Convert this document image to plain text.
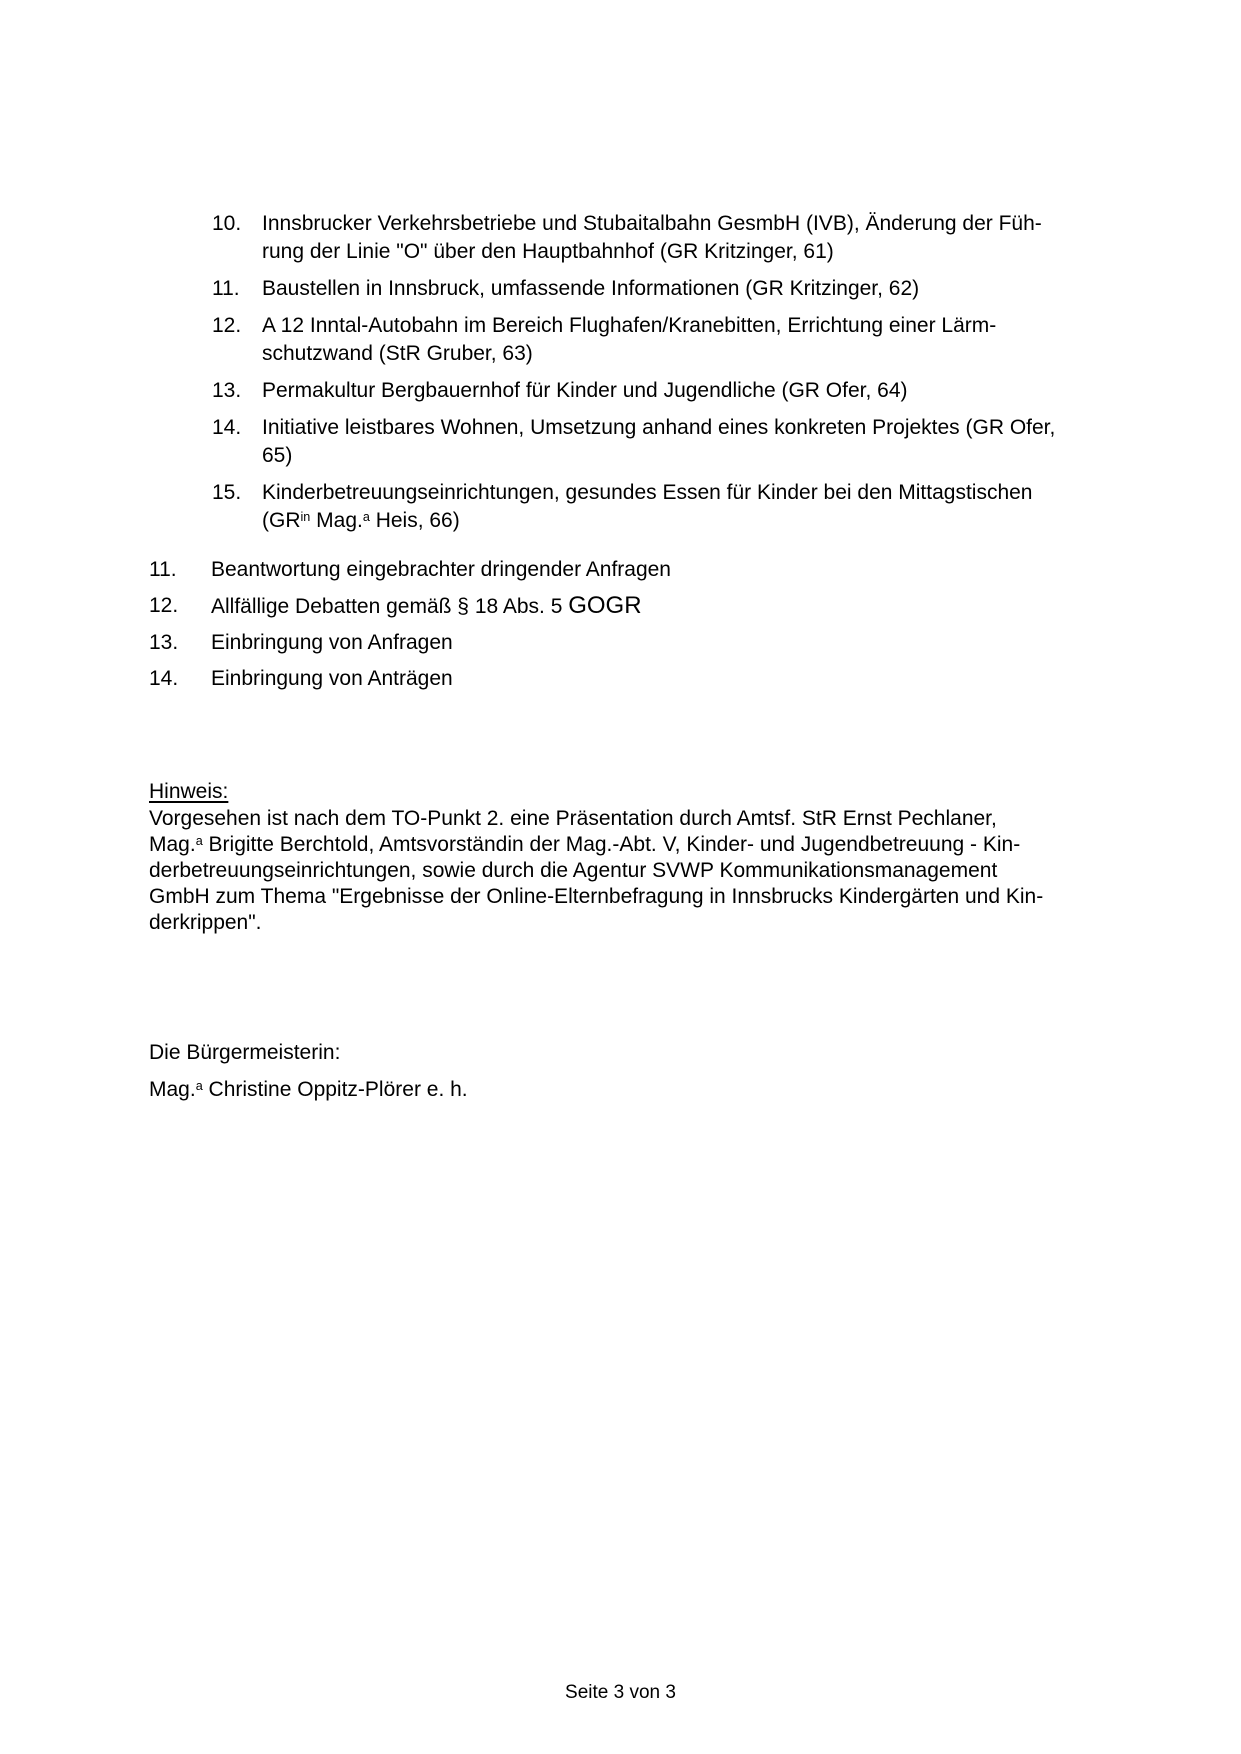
10. Innsbrucker Verkehrsbetriebe und Stubaitalbahn GesmbH (IVB), Änderung der Füh-
rung der Linie "O" über den Hauptbahnhof (GR Kritzinger, 61)
11.	Baustellen in Innsbruck, umfassende Informationen (GR Kritzinger, 62)
12. A 12 Inntal-Autobahn im Bereich Flughafen/Kranebitten, Errichtung einer Lärm-
schutzwand (StR Gruber, 63)
13. Permakultur Bergbauernhof für Kinder und Jugendliche (GR Ofer, 64)
14. Initiative leistbares Wohnen, Umsetzung anhand eines konkreten Projektes (GR Ofer,
65)
15. Kinderbetreuungseinrichtungen, gesundes Essen für Kinder bei den Mittagstischen
($GR^{in}$ Mag.$^a$ Heis, 66)
11.	Beantwortung eingebrachter dringender Anfragen
12.	Allfällige Debatten gemäß § 18 Abs. 5 GOGR
13.	Einbringung von Anfragen
14.	Einbringung von Anträgen
Hinweis:

Vorgesehen ist nach dem TO-Punkt 2. eine Präsentation durch Amtsf. StR Ernst Pechlaner,
Mag.$^a$ Brigitte Berchtold, Amtsvorständin der Mag.-Abt. V, Kinder- und Jugendbetreuung - Kin-
derbetreuungseinrichtungen, sowie durch die Agentur SVWP Kommunikationsmanagement
GmbH zum Thema "Ergebnisse der Online-Elternbefragung in Innsbrucks Kindergärten und Kin-
derkrippen".

Die Bürgermeisterin:

Mag.$^a$ Christine Oppitz-Plörer e. h.

Seite 3 von 3
